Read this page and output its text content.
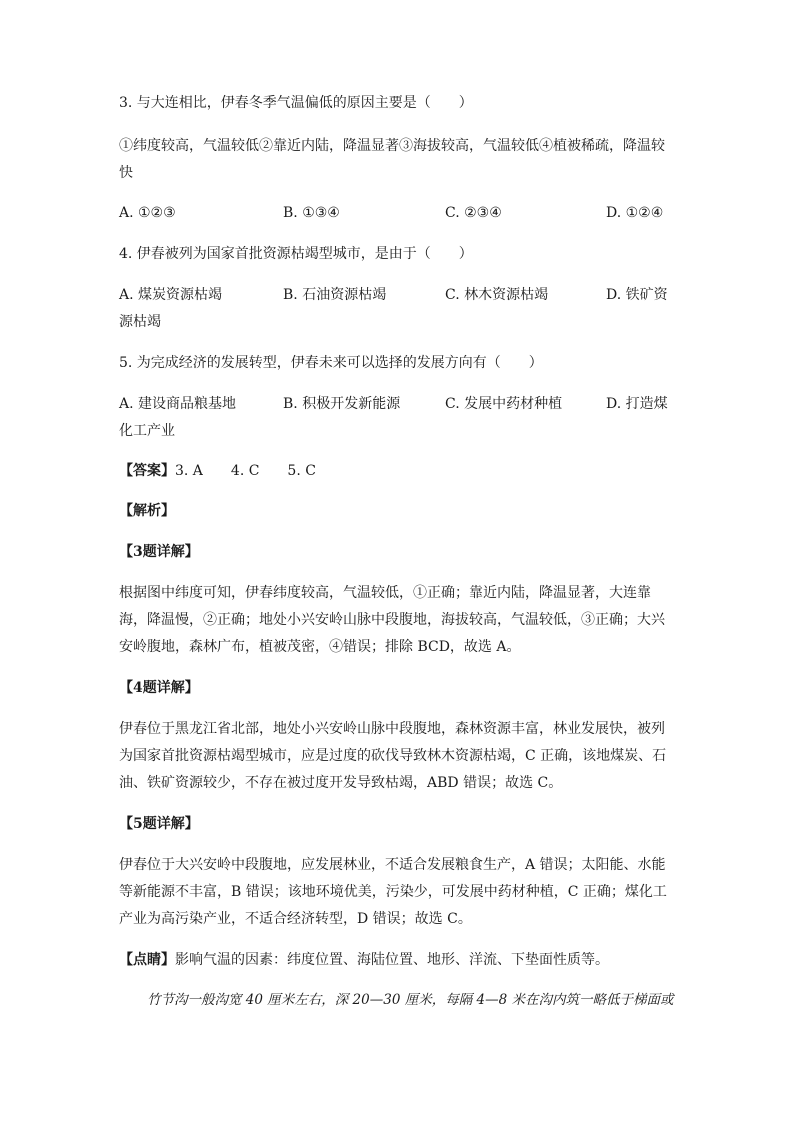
3. 与大连相比，伊春冬季气温偏低的原因主要是（　　）
①纬度较高，气温较低②靠近内陆，降温显著③海拔较高，气温较低④植被稀疏，降温较
快
A. ①②③	B. ①③④	C. ②③④	D. ①②④
4. 伊春被列为国家首批资源枯竭型城市，是由于（　　）
A. 煤炭资源枯竭	B. 石油资源枯竭	C. 林木资源枯竭	D. 铁矿资
源枯竭
5. 为完成经济的发展转型，伊春未来可以选择的发展方向有（　　）
A. 建设商品粮基地	B. 积极开发新能源	C. 发展中药材种植	D. 打造煤
化工产业
【答案】3. A　　4. C　　5. C
【解析】
【3题详解】
根据图中纬度可知，伊春纬度较高，气温较低，①正确；靠近内陆，降温显著，大连靠
海，降温慢，②正确；地处小兴安岭山脉中段腹地，海拔较高，气温较低，③正确；大兴
安岭腹地，森林广布，植被茂密，④错误；排除 BCD，故选 A。
【4题详解】
伊春位于黑龙江省北部，地处小兴安岭山脉中段腹地，森林资源丰富，林业发展快，被列
为国家首批资源枯竭型城市，应是过度的砍伐导致林木资源枯竭，C 正确，该地煤炭、石
油、铁矿资源较少，不存在被过度开发导致枯竭，ABD 错误；故选 C。
【5题详解】
伊春位于大兴安岭中段腹地，应发展林业，不适合发展粮食生产，A 错误；太阳能、水能
等新能源不丰富，B 错误；该地环境优美，污染少，可发展中药材种植，C 正确；煤化工
产业为高污染产业，不适合经济转型，D 错误；故选 C。
【点睛】影响气温的因素：纬度位置、海陆位置、地形、洋流、下垫面性质等。
竹节沟一般沟宽 40 厘米左右，深 20—30 厘米，每隔 4—8 米在沟内筑一略低于梯面或
